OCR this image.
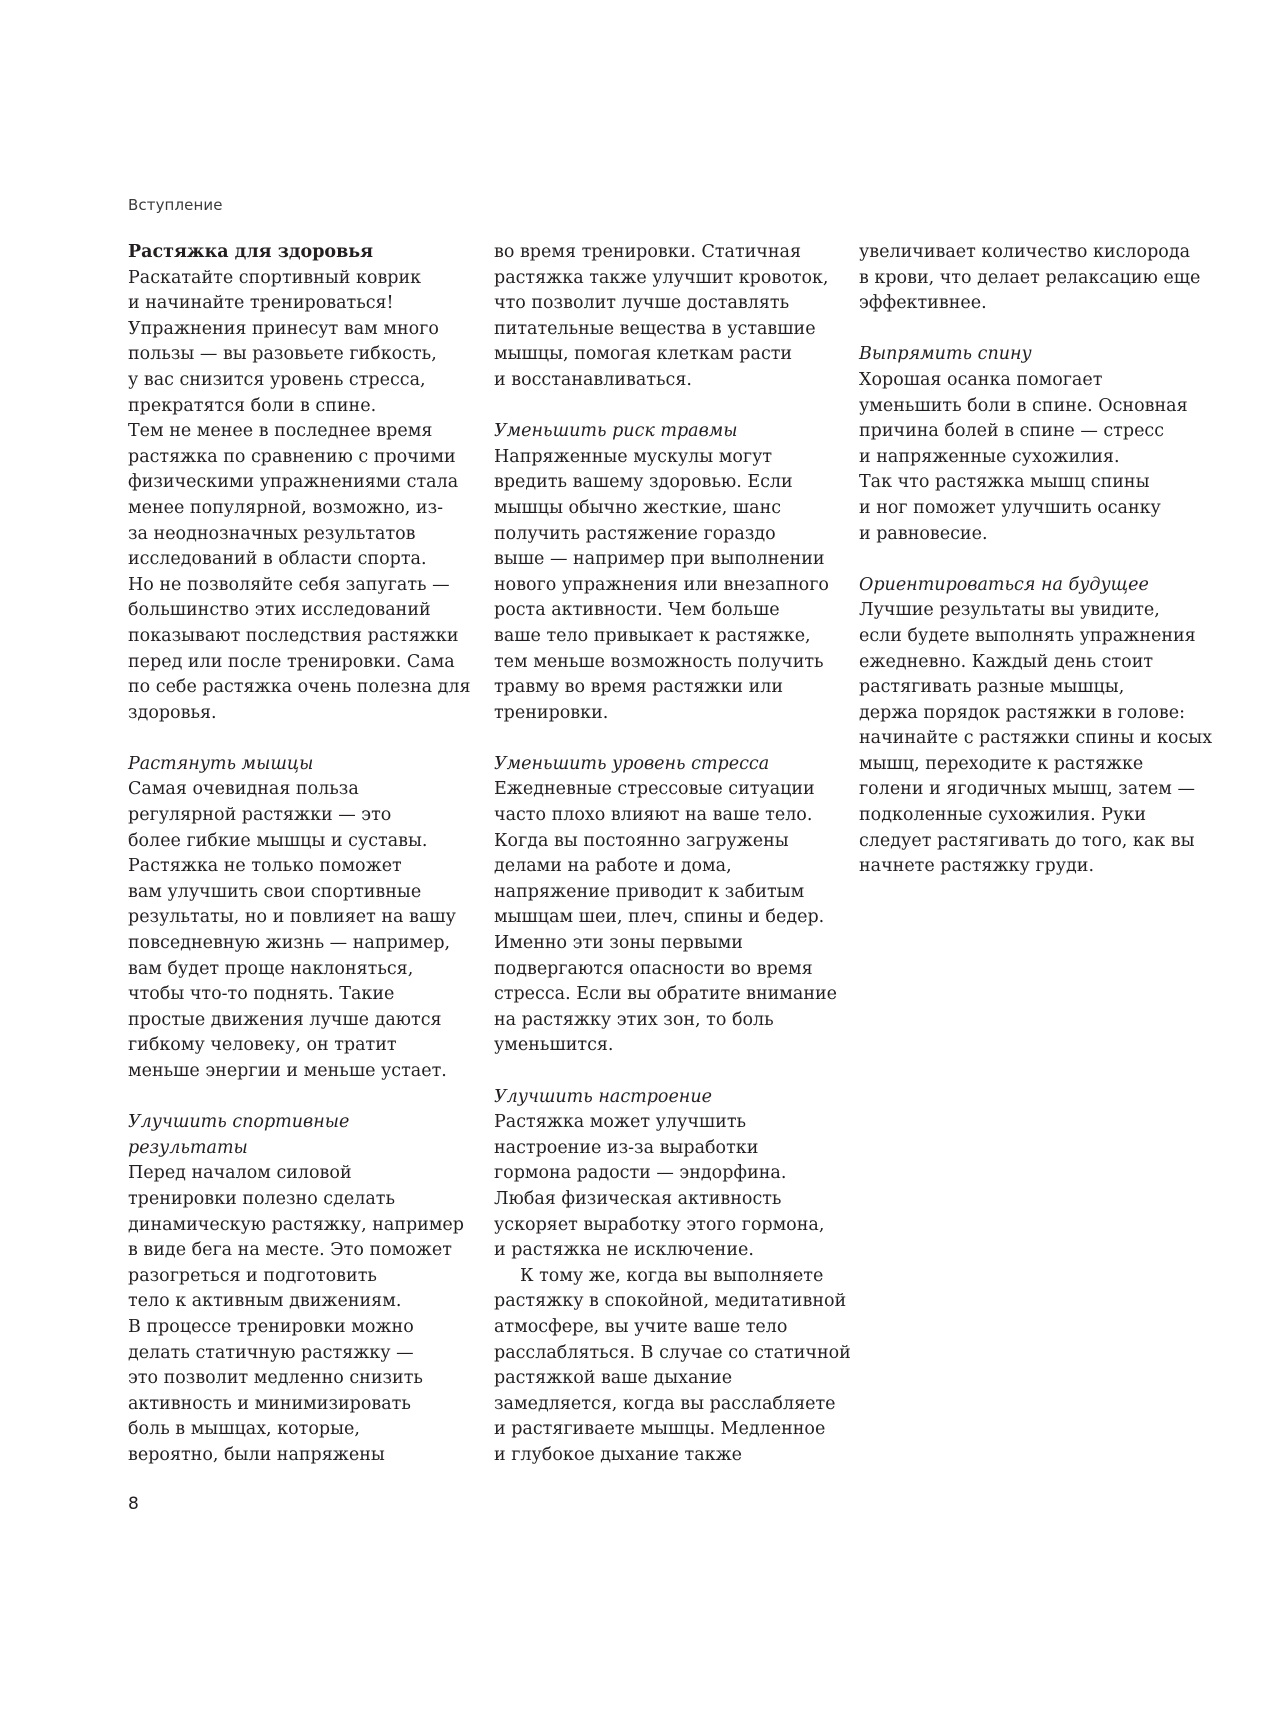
Вступление
Растяжка для здоровья
Раскатайте спортивный коврик
и начинайте тренироваться!
Упражнения принесут вам много
пользы — вы разовьете гибкость,
у вас снизится уровень стресса,
прекратятся боли в спине.
Тем не менее в последнее время
растяжка по сравнению с прочими
физическими упражнениями стала
менее популярной, возможно, из-
за неоднозначных результатов
исследований в области спорта.
Но не позволяйте себя запугать —
большинство этих исследований
показывают последствия растяжки
перед или после тренировки. Сама
по себе растяжка очень полезна для
здоровья.
Растянуть мышцы
Самая очевидная польза
регулярной растяжки — это
более гибкие мышцы и суставы.
Растяжка не только поможет
вам улучшить свои спортивные
результаты, но и повлияет на вашу
повседневную жизнь — например,
вам будет проще наклоняться,
чтобы что-то поднять. Такие
простые движения лучше даются
гибкому человеку, он тратит
меньше энергии и меньше устает.
Улучшить спортивные
результаты
Перед началом силовой
тренировки полезно сделать
динамическую растяжку, например
в виде бега на месте. Это поможет
разогреться и подготовить
тело к активным движениям.
В процессе тренировки можно
делать статичную растяжку —
это позволит медленно снизить
активность и минимизировать
боль в мышцах, которые,
вероятно, были напряжены
во время тренировки. Статичная
растяжка также улучшит кровоток,
что позволит лучше доставлять
питательные вещества в уставшие
мышцы, помогая клеткам расти
и восстанавливаться.
Уменьшить риск травмы
Напряженные мускулы могут
вредить вашему здоровью. Если
мышцы обычно жесткие, шанс
получить растяжение гораздо
выше — например при выполнении
нового упражнения или внезапного
роста активности. Чем больше
ваше тело привыкает к растяжке,
тем меньше возможность получить
травму во время растяжки или
тренировки.
Уменьшить уровень стресса
Ежедневные стрессовые ситуации
часто плохо влияют на ваше тело.
Когда вы постоянно загружены
делами на работе и дома,
напряжение приводит к забитым
мышцам шеи, плеч, спины и бедер.
Именно эти зоны первыми
подвергаются опасности во время
стресса. Если вы обратите внимание
на растяжку этих зон, то боль
уменьшится.
Улучшить настроение
Растяжка может улучшить
настроение из-за выработки
гормона радости — эндорфина.
Любая физическая активность
ускоряет выработку этого гормона,
и растяжка не исключение.
К тому же, когда вы выполняете
растяжку в спокойной, медитативной
атмосфере, вы учите ваше тело
расслабляться. В случае со статичной
растяжкой ваше дыхание
замедляется, когда вы расслабляете
и растягиваете мышцы. Медленное
и глубокое дыхание также
увеличивает количество кислорода
в крови, что делает релаксацию еще
эффективнее.
Выпрямить спину
Хорошая осанка помогает
уменьшить боли в спине. Основная
причина болей в спине — стресс
и напряженные сухожилия.
Так что растяжка мышц спины
и ног поможет улучшить осанку
и равновесие.
Ориентироваться на будущее
Лучшие результаты вы увидите,
если будете выполнять упражнения
ежедневно. Каждый день стоит
растягивать разные мышцы,
держа порядок растяжки в голове:
начинайте с растяжки спины и косых
мышц, переходите к растяжке
голени и ягодичных мышц, затем —
подколенные сухожилия. Руки
следует растягивать до того, как вы
начнете растяжку груди.
8
